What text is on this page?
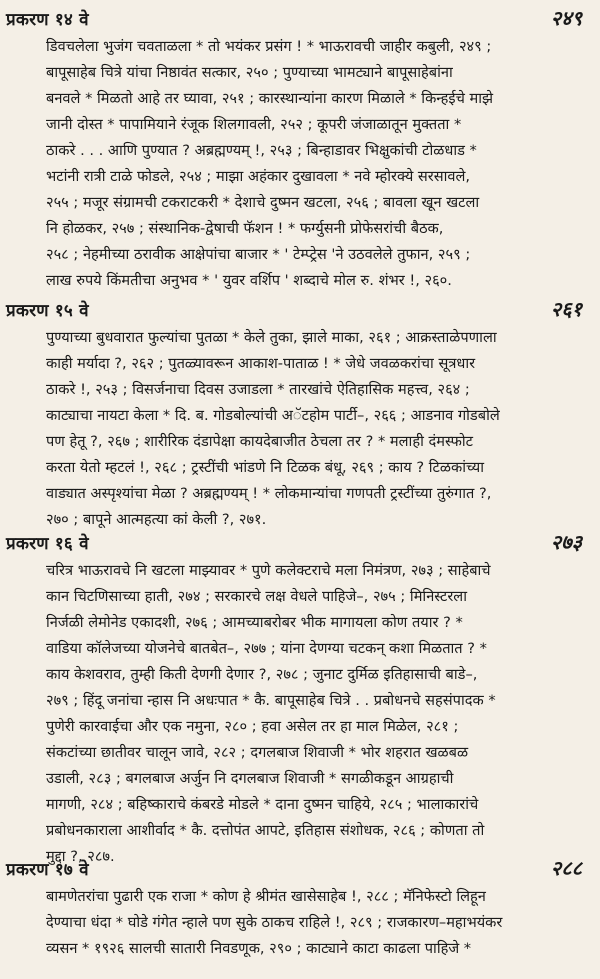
प्रकरण १४ वे	२४९
डिवचलेला भुजंग चवताळला * तो भयंकर प्रसंग ! * भाऊरावची जाहीर कबुली, २४९ ;
बापूसाहेब चित्रे यांचा निष्ठावंत सत्कार, २५० ; पुण्याच्या भामट्याने बापूसाहेबांना
बनवले * मिळतो आहे तर घ्यावा, २५१ ; कारस्थान्यांना कारण मिळाले * किन्हईचे माझे
जानी दोस्त * पापामियाने रंजूक शिलगावली, २५२ ; कूपरी जंजाळातून मुक्तता *
ठाकरे . . . आणि पुण्यात ? अब्रह्मण्यम् !, २५३ ; बिन्हाडावर भिक्षुकांची टोळधाड *
भटांनी रात्री टाळे फोडले, २५४ ; माझा अहंकार दुखावला * नवे म्होरक्ये सरसावले,
२५५ ; मजूर संग्रामची टकराटकरी * देशाचे दुष्मन खटला, २५६ ; बावला खून खटला
नि होळकर, २५७ ; संस्थानिक-द्वेषाची फॅशन ! * फर्ग्युसनी प्रोफेसरांची बैठक,
२५८ ; नेहमीच्या ठरावीक आक्षेपांचा बाजार * ' टेम्प्ट्रेस 'ने उठवलेले तुफान, २५९ ;
लाख रुपये किंमतीचा अनुभव * ' युवर वर्शिप ' शब्दाचे मोल रु. शंभर !, २६०.
प्रकरण १५ वे	२६१
पुण्याच्या बुधवारात फुल्यांचा पुतळा * केले तुका, झाले माका, २६१ ; आक्रस्ताळेपणाला
काही मर्यादा ?, २६२ ; पुतळ्यावरून आकाश-पाताळ ! * जेधे जवळकरांचा सूत्रधार
ठाकरे !, २५३ ; विसर्जनाचा दिवस उजाडला * तारखांचे ऐतिहासिक महत्त्व, २६४ ;
काट्याचा नायटा केला * दि. ब. गोडबोल्यांची अॅटहोम पार्टी–, २६६ ; आडनाव गोडबोले
पण हेतू ?, २६७ ; शारीरिक दंडापेक्षा कायदेबाजीत ठेचला तर ? * मलाही दंमस्फोट
करता येतो म्हटलं !, २६८ ; ट्रस्टींची भांडणे नि टिळक बंधू, २६९ ; काय ? टिळकांच्या
वाड्यात अस्पृश्यांचा मेळा ? अब्रह्मण्यम् ! * लोकमान्यांचा गणपती ट्रस्टींच्या तुरुंगात ?,
२७० ; बापूने आत्महत्या कां केली ?, २७१.
प्रकरण १६ वे	२७३
चरित्र भाऊरावचे नि खटला माझ्यावर * पुणे कलेक्टराचे मला निमंत्रण, २७३ ; साहेबाचे
कान चिटणिसाच्या हाती, २७४ ; सरकारचे लक्ष वेधले पाहिजे–, २७५ ; मिनिस्टरला
निर्जळी लेमोनेड एकादशी, २७६ ; आमच्याबरोबर भीक मागायला कोण तयार ? *
वाडिया कॉलेजच्या योजनेचे बातबेत–, २७७ ; यांना देणग्या चटकन् कशा मिळतात ? *
काय केशवराव, तुम्ही किती देणगी देणार ?, २७८ ; जुनाट दुर्मिळ इतिहासाची बाडे–,
२७९ ; हिंदू जनांचा न्हास नि अधःपात * कै. बापूसाहेब चित्रे . . प्रबोधनचे सहसंपादक *
पुणेरी कारवाईचा और एक नमुना, २८० ; हवा असेल तर हा माल मिळेल, २८१ ;
संकटांच्या छातीवर चालून जावे, २८२ ; दगलबाज शिवाजी * भोर शहरात खळबळ
उडाली, २८३ ; बगलबाज अर्जुन नि दगलबाज शिवाजी * सगळीकडून आग्रहाची
मागणी, २८४ ; बहिष्काराचे कंबरडे मोडले * दाना दुष्मन चाहिये, २८५ ; भालाकारांचे
प्रबोधनकाराला आशीर्वाद * कै. दत्तोपंत आपटे, इतिहास संशोधक, २८६ ; कोणता तो
मुद्दा ?, २८७.
प्रकरण १७ वे	२८८
बामणेतरांचा पुढारी एक राजा * कोण हे श्रीमंत खासेसाहेब !, २८८ ; मॅनिफेस्टो लिहून
देण्याचा धंदा * घोडे गंगेत न्हाले पण सुके ठाकच राहिले !, २८९ ; राजकारण–महाभयंकर
व्यसन * १९२६ सालची सातारी निवडणूक, २९० ; काट्याने काटा काढला पाहिजे *
